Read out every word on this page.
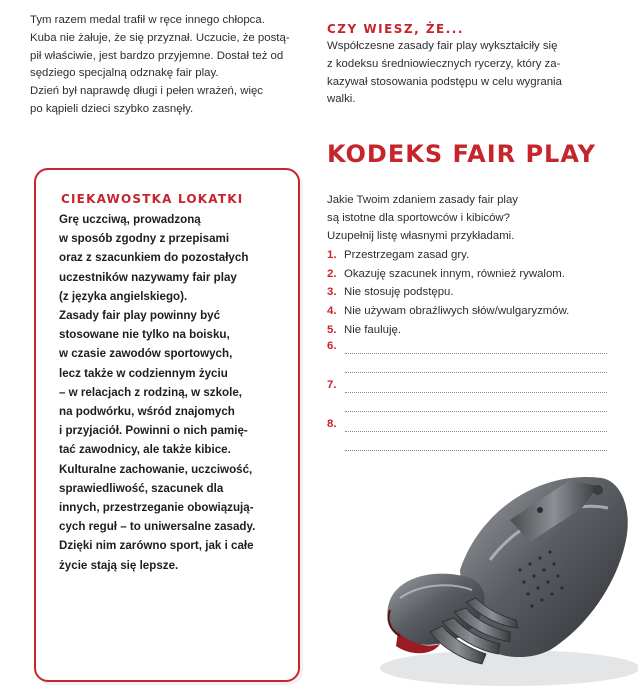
Tym razem medal trafił w ręce innego chłopca.
Kuba nie żałuje, że się przyznał. Uczucie, że postą-
pił właściwie, jest bardzo przyjemne. Dostał też od
sędziego specjalną odznakę fair play.
Dzień był naprawdę długi i pełen wrażeń, więc
po kąpieli dzieci szybko zasnęły.
CZY WIESZ, ŻE...
Współczesne zasady fair play wykształciły się
z kodeksu średniowiecznych rycerzy, który za-
kazywał stosowania podstępu w celu wygrania
walki.
KODEKS FAIR PLAY
Jakie Twoim zdaniem zasady fair play
są istotne dla sportowców i kibiców?
Uzupełnij listę własnymi przykładami.
1. Przestrzegam zasad gry.
2. Okazuję szacunek innym, również rywalom.
3. Nie stosuję podstępu.
4. Nie używam obraźliwych słów/wulgaryzmów.
5. Nie fauluję.
6.
7.
8.
CIEKAWOSTKA LOKATKI
Grę uczciwą, prowadzoną
w sposób zgodny z przepisami
oraz z szacunkiem do pozostałych
uczestników nazywamy fair play
(z języka angielskiego).
Zasady fair play powinny być
stosowane nie tylko na boisku,
w czasie zawodów sportowych,
lecz także w codziennym życiu
– w relacjach z rodziną, w szkole,
na podwórku, wśród znajomych
i przyjaciół. Powinni o nich pamię-
tać zawodnicy, ale także kibice.
Kulturalne zachowanie, uczciwość,
sprawiedliwość, szacunek dla
innych, przestrzeganie obowiązują-
cych reguł – to uniwersalne zasady.
Dzięki nim zarówno sport, jak i całe
życie stają się lepsze.
